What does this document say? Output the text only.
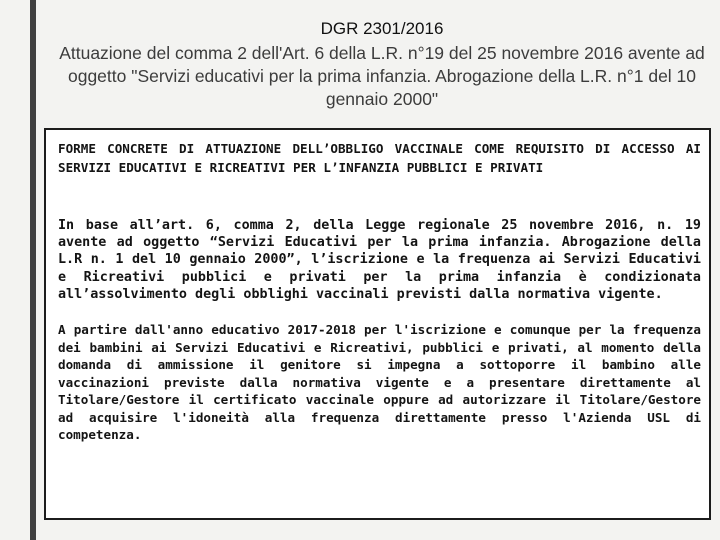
DGR 2301/2016
Attuazione del comma 2 dell'Art. 6 della L.R. n°19 del 25 novembre 2016 avente ad oggetto "Servizi educativi per la prima infanzia. Abrogazione della L.R. n°1 del 10 gennaio 2000"

FORME CONCRETE DI ATTUAZIONE DELL’OBBLIGO VACCINALE COME REQUISITO DI ACCESSO AI SERVIZI EDUCATIVI E RICREATIVI PER L’INFANZIA PUBBLICI E PRIVATI

In base all’art. 6, comma 2, della Legge regionale 25 novembre 2016, n. 19 avente ad oggetto “Servizi Educativi per la prima infanzia. Abrogazione della L.R n. 1 del 10 gennaio 2000”, l’iscrizione e la frequenza ai Servizi Educativi e Ricreativi pubblici e privati per la prima infanzia è condizionata all’assolvimento degli obblighi vaccinali previsti dalla normativa vigente.

A partire dall'anno educativo 2017-2018 per l'iscrizione e comunque per la frequenza dei bambini ai Servizi Educativi e Ricreativi, pubblici e privati, al momento della domanda di ammissione il genitore si impegna a sottoporre il bambino alle vaccinazioni previste dalla normativa vigente e a presentare direttamente al Titolare/Gestore il certificato vaccinale oppure ad autorizzare il Titolare/Gestore ad acquisire l'idoneità alla frequenza direttamente presso l'Azienda USL di competenza.
